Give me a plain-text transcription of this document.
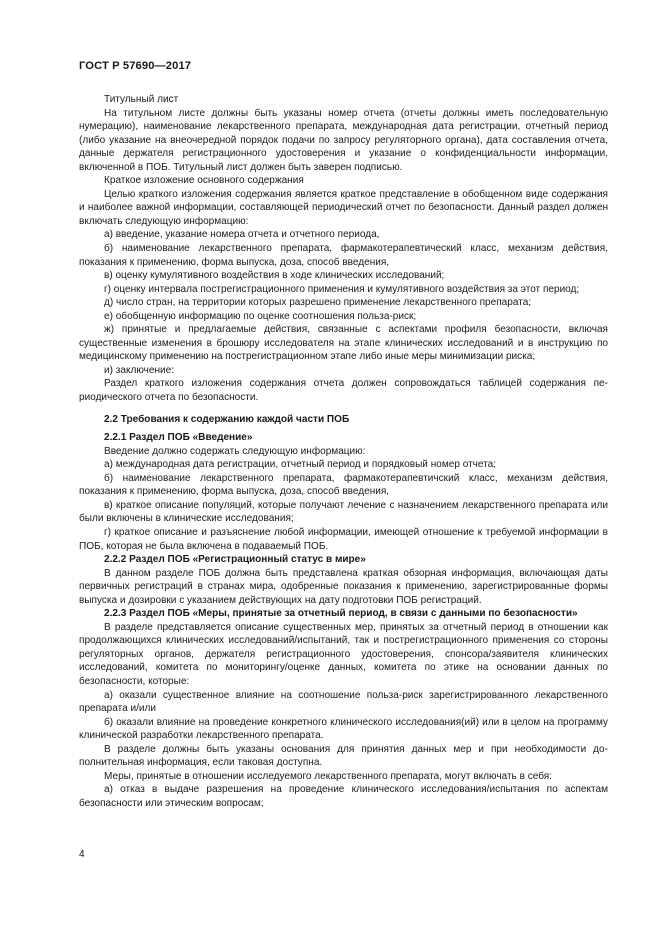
ГОСТ Р 57690—2017

Титульный лист

На титульном листе должны быть указаны номер отчета (отчеты должны иметь последовательную нумерацию), наименование лекарственного препарата, международная дата регистрации, отчетный период (либо указание на внеочередной порядок подачи по запросу регуляторного органа), дата составления отчета, данные держателя регистрационного удостоверения и указание о конфиденциальности информации, включенной в ПОБ. Титульный лист должен быть заверен подписью.

Краткое изложение основного содержания

Целью краткого изложения содержания является краткое представление в обобщенном виде содержания и наиболее важной информации, составляющей периодический отчет по безопасности. Данный раздел должен включать следующую информацию:

а) введение, указание номера отчета и отчетного периода,

б) наименование лекарственного препарата, фармакотерапевтический класс, механизм действия, показания к применению, форма выпуска, доза, способ введения,

в) оценку кумулятивного воздействия в ходе клинических исследований;

г) оценку интервала пострегистрационного применения и кумулятивного воздействия за этот период;

д) число стран, на территории которых разрешено применение лекарственного препарата;

е) обобщенную информацию по оценке соотношения польза-риск;

ж) принятые и предлагаемые действия, связанные с аспектами профиля безопасности, включая существенные изменения в брошюру исследователя на этапе клинических исследований и в инструкцию по медицинскому применению на пострегистрационном этапе либо иные меры минимизации риска;

и) заключение:

Раздел краткого изложения содержания отчета должен сопровождаться таблицей содержания периодического отчета по безопасности.

2.2 Требования к содержанию каждой части ПОБ

2.2.1 Раздел ПОБ «Введение»

Введение должно содержать следующую информацию:

а) международная дата регистрации, отчетный период и порядковый номер отчета;

б) наименование лекарственного препарата, фармакотерапевтичский класс, механизм действия, показания к применению, форма выпуска, доза, способ введения,

в) краткое описание популяций, которые получают лечение с назначением лекарственного препарата или были включены в клинические исследования;

г) краткое описание и разъяснение любой информации, имеющей отношение к требуемой информации в ПОБ, которая не была включена в подаваемый ПОБ.

2.2.2 Раздел ПОБ «Регистрационный статус в мире»

В данном разделе ПОБ должна быть представлена краткая обзорная информация, включающая даты первичных регистраций в странах мира, одобренные показания к применению, зарегистрированные формы выпуска и дозировки с указанием действующих на дату подготовки ПОБ регистраций.

2.2.3 Раздел ПОБ «Меры, принятые за отчетный период, в связи с данными по безопасности»

В разделе представляется описание существенных мер, принятых за отчетный период в отношении как продолжающихся клинических исследований/испытаний, так и пострегистрационного применения со стороны регуляторных органов, держателя регистрационного удостоверения, спонсора/заявителя клинических исследований, комитета по мониторингу/оценке данных, комитета по этике на основании данных по безопасности, которые:

а) оказали существенное влияние на соотношение польза-риск зарегистрированного лекарственного препарата и/или

б) оказали влияние на проведение конкретного клинического исследования(ий) или в целом на программу клинической разработки лекарственного препарата.

В разделе должны быть указаны основания для принятия данных мер и при необходимости дополнительная информация, если таковая доступна.

Меры, принятые в отношении исследуемого лекарственного препарата, могут включать в себя:

а) отказ в выдаче разрешения на проведение клинического исследования/испытания по аспектам безопасности или этическим вопросам;

4
